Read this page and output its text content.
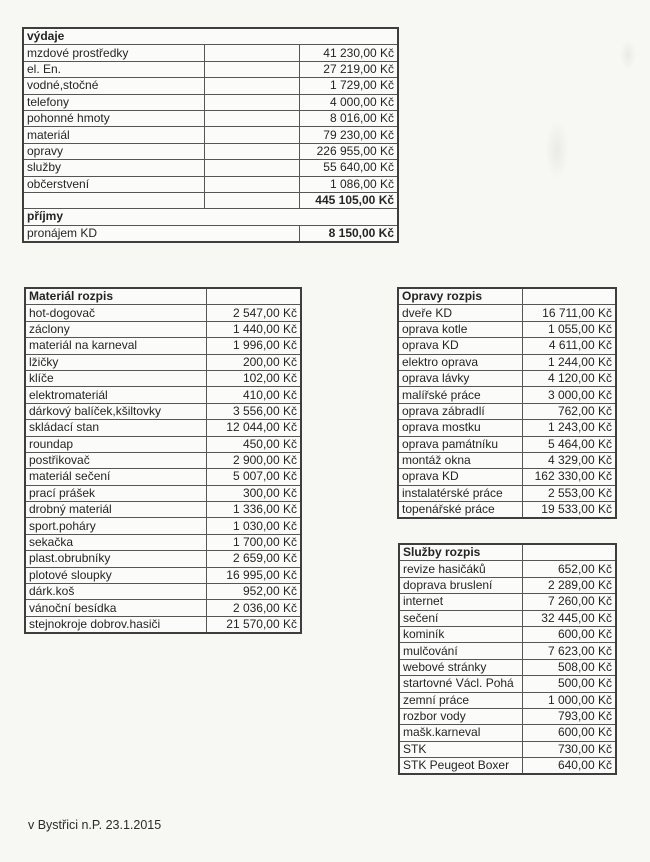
výdaje		
mzdové prostředky		41 230,00 Kč
el. En.		27 219,00 Kč
vodné,stočné		1 729,00 Kč
telefony		4 000,00 Kč
pohonné hmoty		8 016,00 Kč
materiál		79 230,00 Kč
opravy		226 955,00 Kč
služby		55 640,00 Kč
občerstvení		1 086,00 Kč
		445 105,00 Kč
příjmy		
pronájem KD		8 150,00 Kč
Materiál rozpis	
hot-dogovač	2 547,00 Kč
záclony	1 440,00 Kč
materiál na karneval	1 996,00 Kč
lžičky	200,00 Kč
klíče	102,00 Kč
elektromateriál	410,00 Kč
dárkový balíček,kšiltovky	3 556,00 Kč
skládací stan	12 044,00 Kč
roundap	450,00 Kč
postřikovač	2 900,00 Kč
materiál sečení	5 007,00 Kč
prací prášek	300,00 Kč
drobný materiál	1 336,00 Kč
sport.poháry	1 030,00 Kč
sekačka	1 700,00 Kč
plast.obrubníky	2 659,00 Kč
plotové sloupky	16 995,00 Kč
dárk.koš	952,00 Kč
vánoční besídka	2 036,00 Kč
stejnokroje dobrov.hasiči	21 570,00 Kč
Opravy rozpis	
dveře KD	16 711,00 Kč
oprava kotle	1 055,00 Kč
oprava KD	4 611,00 Kč
elektro oprava	1 244,00 Kč
oprava lávky	4 120,00 Kč
malířské práce	3 000,00 Kč
oprava zábradlí	762,00 Kč
oprava mostku	1 243,00 Kč
oprava památníku	5 464,00 Kč
montáž okna	4 329,00 Kč
oprava KD	162 330,00 Kč
instalatérské práce	2 553,00 Kč
topenářské práce	19 533,00 Kč
Služby rozpis	
revize hasičáků	652,00 Kč
doprava bruslení	2 289,00 Kč
internet	7 260,00 Kč
sečení	32 445,00 Kč
kominík	600,00 Kč
mulčování	7 623,00 Kč
webové stránky	508,00 Kč
startovné Václ. Pohá	500,00 Kč
zemní práce	1 000,00 Kč
rozbor vody	793,00 Kč
mašk.karneval	600,00 Kč
STK	730,00 Kč
STK Peugeot Boxer	640,00 Kč
v Bystřici n.P. 23.1.2015
